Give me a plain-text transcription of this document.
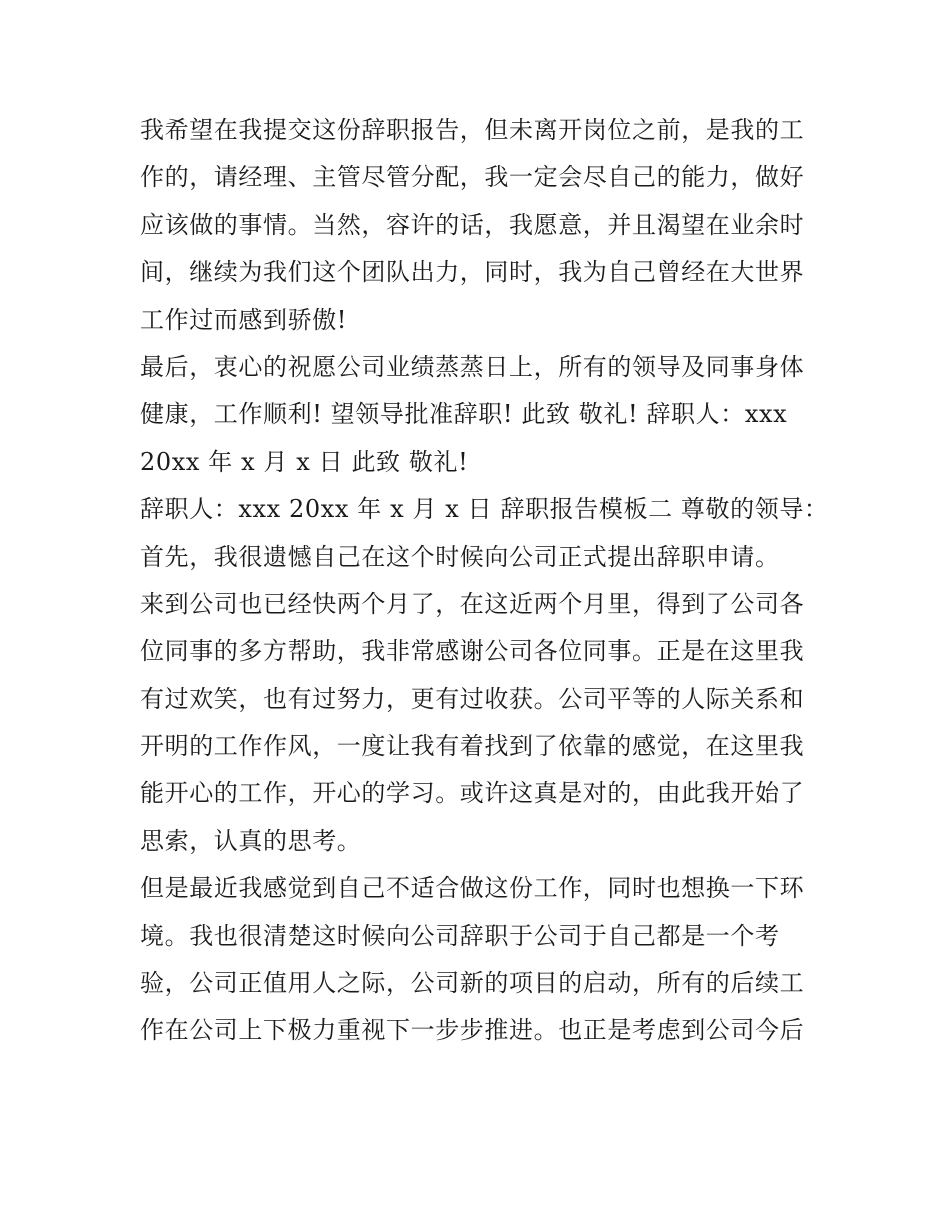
我希望在我提交这份辞职报告，但未离开岗位之前，是我的工
作的，请经理、主管尽管分配，我一定会尽自己的能力，做好
应该做的事情。当然，容许的话，我愿意，并且渴望在业余时
间，继续为我们这个团队出力，同时，我为自己曾经在大世界
工作过而感到骄傲!
最后，衷心的祝愿公司业绩蒸蒸日上，所有的领导及同事身体
健康，工作顺利! 望领导批准辞职! 此致 敬礼! 辞职人：xxx
20xx 年 x 月 x 日 此致 敬礼!
辞职人：xxx 20xx 年 x 月 x 日 辞职报告模板二 尊敬的领导：
首先，我很遗憾自己在这个时候向公司正式提出辞职申请。
来到公司也已经快两个月了，在这近两个月里，得到了公司各
位同事的多方帮助，我非常感谢公司各位同事。正是在这里我
有过欢笑，也有过努力，更有过收获。公司平等的人际关系和
开明的工作作风，一度让我有着找到了依靠的感觉，在这里我
能开心的工作，开心的学习。或许这真是对的，由此我开始了
思索，认真的思考。
但是最近我感觉到自己不适合做这份工作，同时也想换一下环
境。我也很清楚这时候向公司辞职于公司于自己都是一个考
验，公司正值用人之际，公司新的项目的启动，所有的后续工
作在公司上下极力重视下一步步推进。也正是考虑到公司今后
